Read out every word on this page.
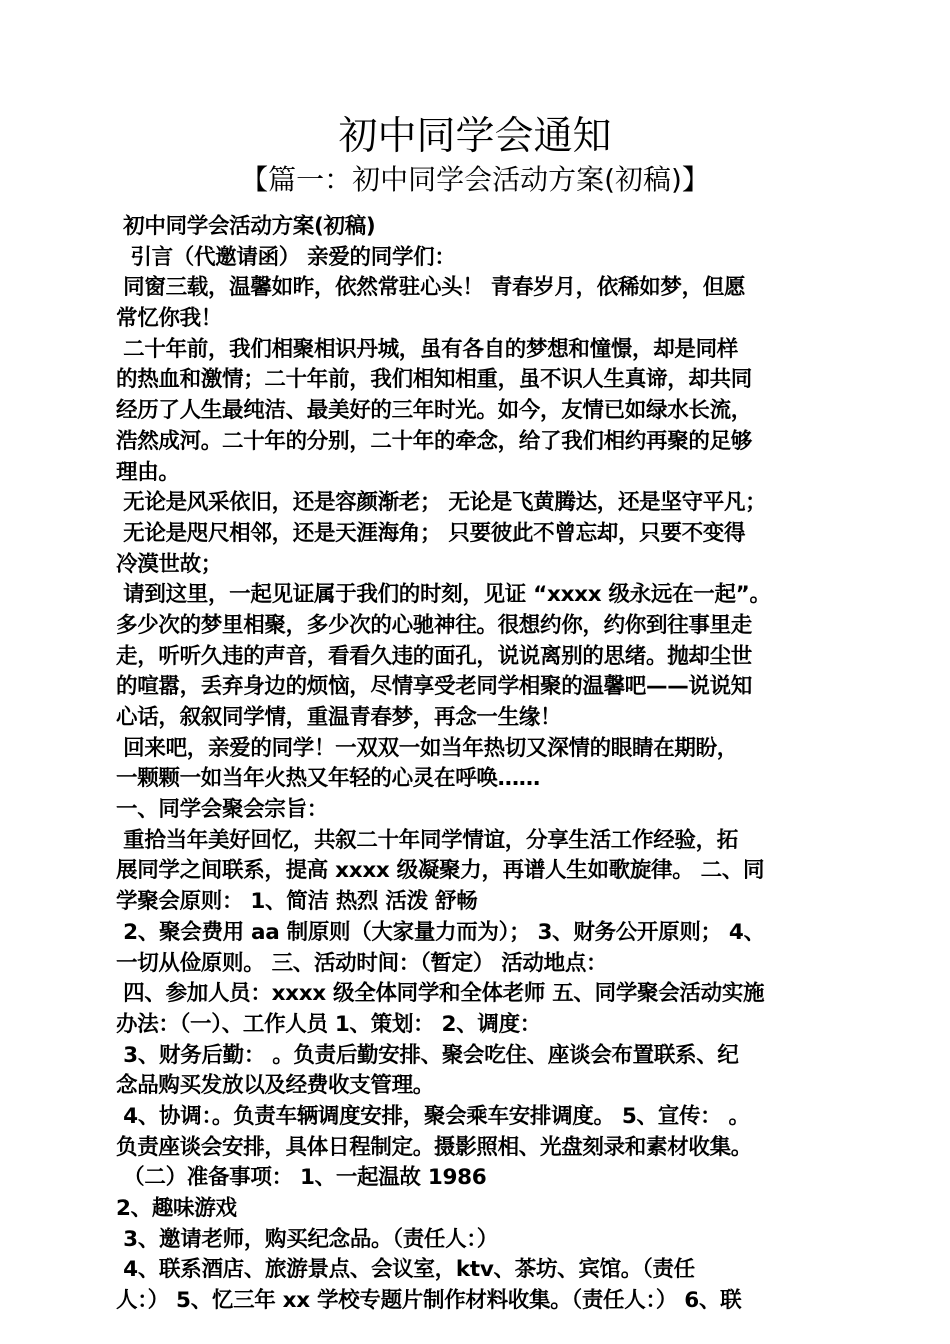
初中同学会通知
【篇一：初中同学会活动方案(初稿)】
初中同学会活动方案(初稿)
引言（代邀请函） 亲爱的同学们：
同窗三载，温馨如昨，依然常驻心头！ 青春岁月，依稀如梦，但愿
常忆你我！
二十年前，我们相聚相识丹城，虽有各自的梦想和憧憬，却是同样
的热血和激情；二十年前，我们相知相重，虽不识人生真谛，却共同
经历了人生最纯洁、最美好的三年时光。如今，友情已如绿水长流，
浩然成河。二十年的分别，二十年的牵念，给了我们相约再聚的足够
理由。
无论是风采依旧，还是容颜渐老； 无论是飞黄腾达，还是坚守平凡；
无论是咫尺相邻，还是天涯海角； 只要彼此不曾忘却，只要不变得
冷漠世故；
请到这里，一起见证属于我们的时刻，见证 “xxxx 级永远在一起”。
多少次的梦里相聚，多少次的心驰神往。很想约你，约你到往事里走
走，听听久违的声音，看看久违的面孔，说说离别的思绪。抛却尘世
的喧嚣，丢弃身边的烦恼，尽情享受老同学相聚的温馨吧——说说知
心话，叙叙同学情，重温青春梦，再念一生缘！
回来吧，亲爱的同学！一双双一如当年热切又深情的眼睛在期盼，
一颗颗一如当年火热又年轻的心灵在呼唤……
一、同学会聚会宗旨：
重拾当年美好回忆，共叙二十年同学情谊，分享生活工作经验，拓
展同学之间联系，提高 xxxx 级凝聚力，再谱人生如歌旋律。 二、同
学聚会原则： 1、简洁 热烈 活泼 舒畅
2、聚会费用 aa 制原则（大家量力而为）； 3、财务公开原则； 4、
一切从俭原则。 三、活动时间：（暂定） 活动地点：
四、参加人员：xxxx 级全体同学和全体老师 五、同学聚会活动实施
办法：（一）、工作人员 1、策划： 2、调度：
3、财务后勤： 。负责后勤安排、聚会吃住、座谈会布置联系、纪
念品购买发放以及经费收支管理。
4、协调：。负责车辆调度安排，聚会乘车安排调度。 5、宣传： 。
负责座谈会安排，具体日程制定。摄影照相、光盘刻录和素材收集。
（二）准备事项： 1、一起温故 1986
2、趣味游戏
3、邀请老师，购买纪念品。（责任人：）
4、联系酒店、旅游景点、会议室，ktv、茶坊、宾馆。（责任
人：） 5、忆三年 xx 学校专题片制作材料收集。（责任人：） 6、联
